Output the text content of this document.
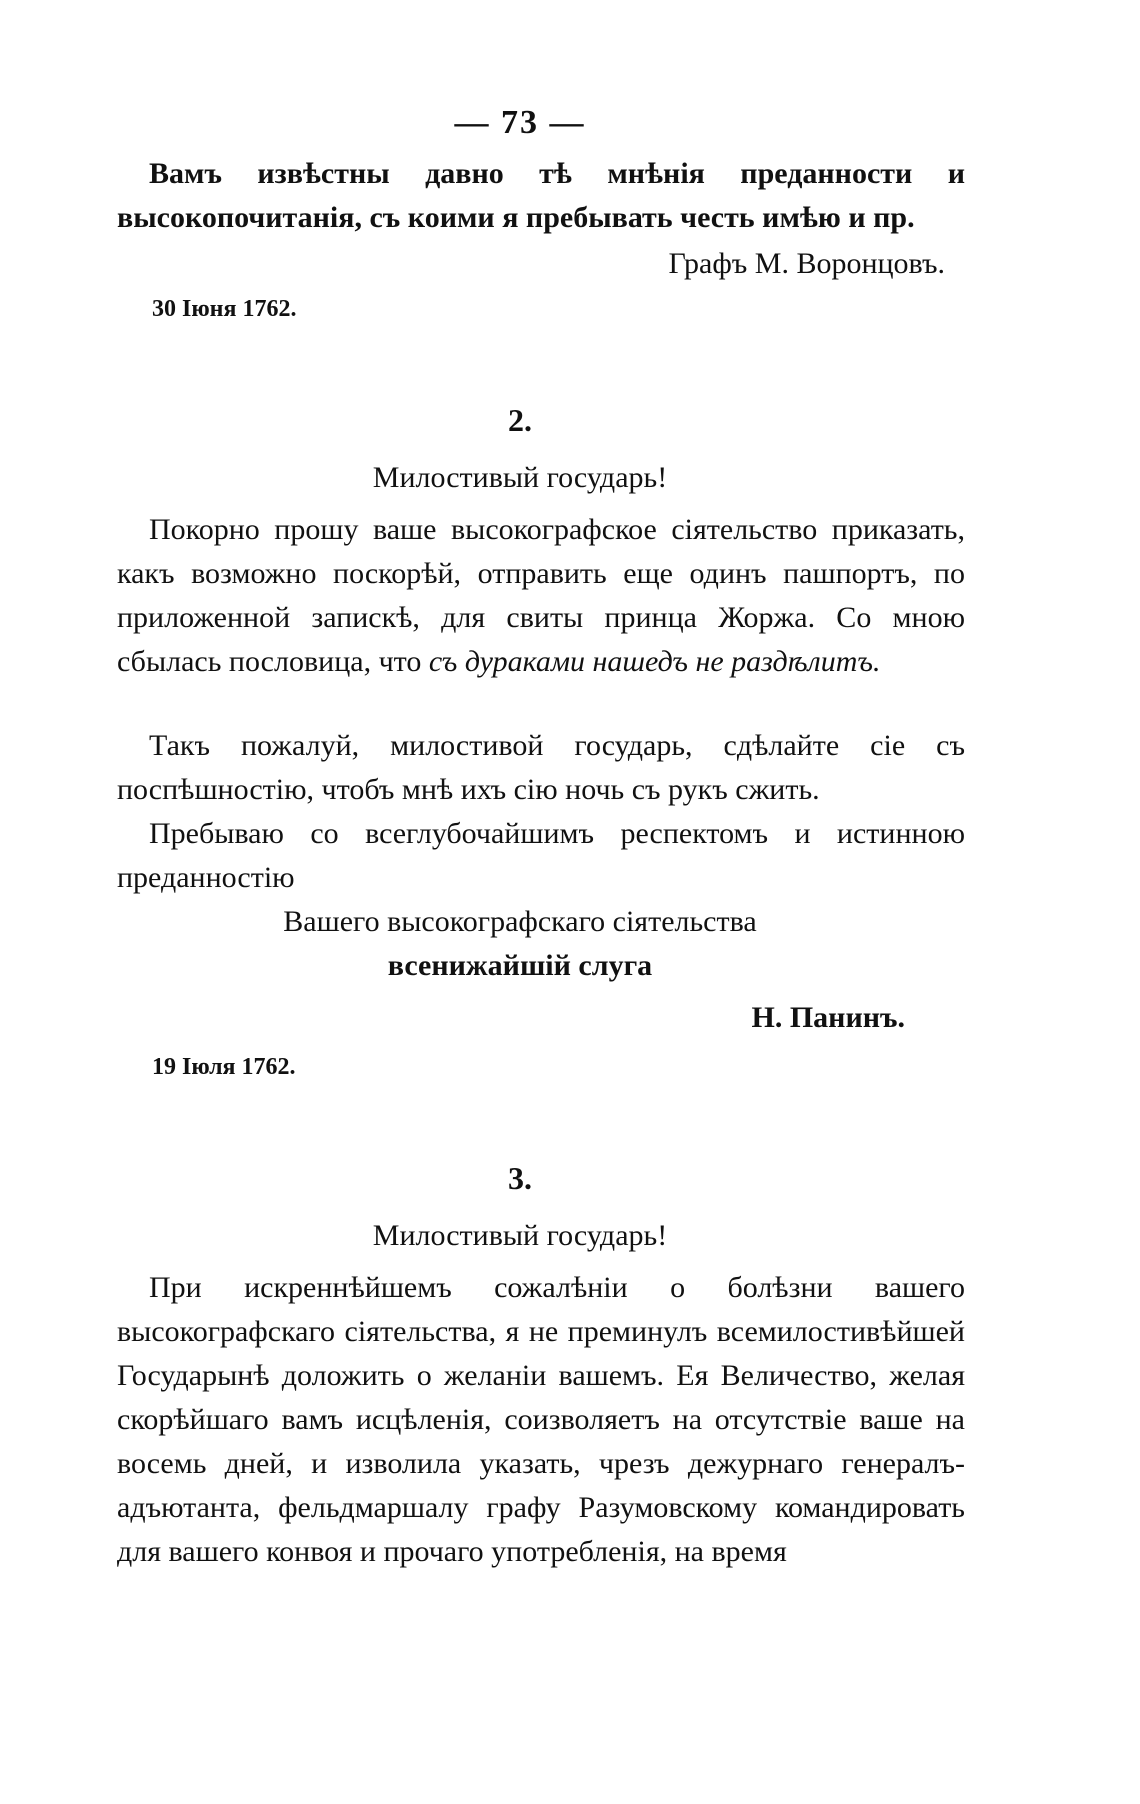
— 73 —
Вамъ извѣстны давно тѣ мнѣнія преданности и высокопочитанія, съ коими я пребывать честь имѣю и пр.
Графъ М. Воронцовъ.
30 Іюня 1762.
2.
Милостивый государь!
Покорно прошу ваше высокографское сіятельство приказать, какъ возможно поскорѣй, отправить еще одинъ пашпортъ, по приложенной запискѣ, для свиты принца Жоржа. Со мною сбылась пословица, что съ дураками нашедъ не раздѣлитъ.
Такъ пожалуй, милостивой государь, сдѣлайте сіе съ поспѣшностію, чтобъ мнѣ ихъ сію ночь съ рукъ сжить.
Пребываю со всеглубочайшимъ респектомъ и истинною преданностію
Вашего высокографскаго сіятельства
всенижайшій слуга
Н. Панинъ.
19 Іюля 1762.
3.
Милостивый государь!
При искреннѣйшемъ сожалѣніи о болѣзни вашего высокографскаго сіятельства, я не преминулъ всемилостивѣйшей Государынѣ доложить о желаніи вашемъ. Ея Величество, желая скорѣйшаго вамъ исцѣленія, соизволяетъ на отсутствіе ваше на восемь дней, и изволила указать, чрезъ дежурнаго генералъ-адъютанта, фельдмаршалу графу Разумовскому командировать для вашего конвоя и прочаго употребленія, на время
